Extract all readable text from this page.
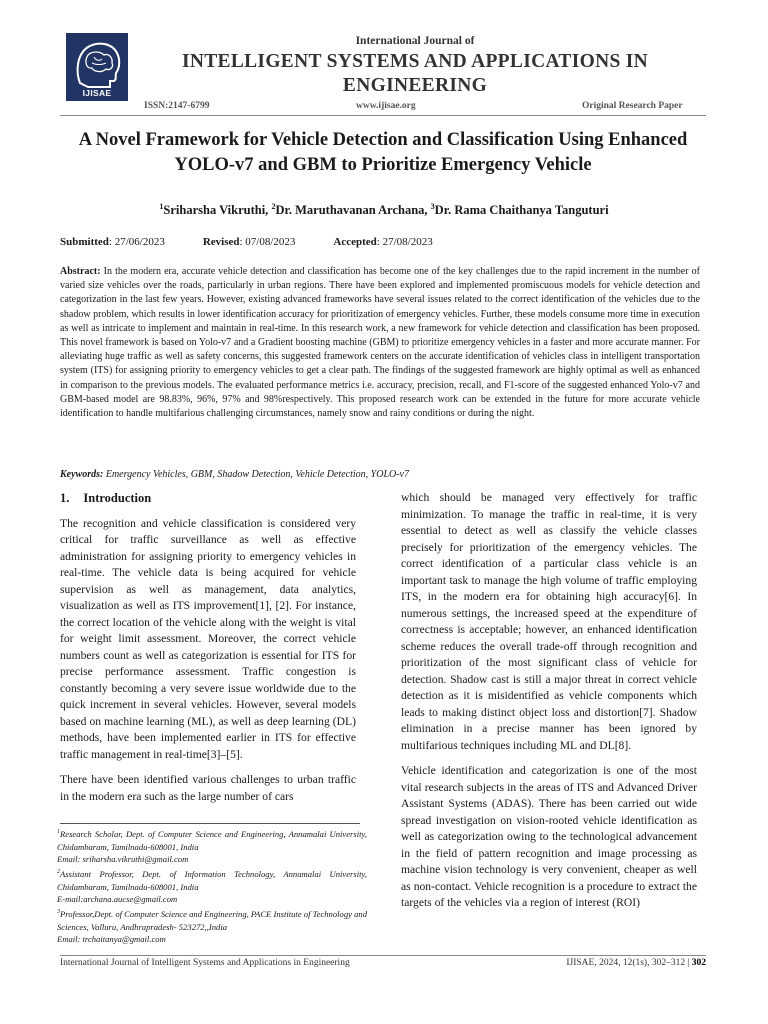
IJISAE
International Journal of
INTELLIGENT SYSTEMS AND APPLICATIONS IN ENGINEERING
ISSN:2147-6799	www.ijisae.org	Original Research Paper
A Novel Framework for Vehicle Detection and Classification Using Enhanced YOLO-v7 and GBM to Prioritize Emergency Vehicle
$^1$Sriharsha Vikruthi, $^2$Dr. Maruthavanan Archana, $^3$Dr. Rama Chaithanya Tanguturi
Submitted: 27/06/2023	Revised: 07/08/2023	Accepted: 27/08/2023
Abstract: In the modern era, accurate vehicle detection and classification has become one of the key challenges due to the rapid increment in the number of varied size vehicles over the roads, particularly in urban regions. There have been explored and implemented promiscuous models for vehicle detection and categorization in the last few years. However, existing advanced frameworks have several issues related to the correct identification of the vehicles due to the shadow problem, which results in lower identification accuracy for prioritization of emergency vehicles. Further, these models consume more time in execution as well as intricate to implement and maintain in real-time. In this research work, a new framework for vehicle detection and classification has been proposed. This novel framework is based on Yolo-v7 and a Gradient boosting machine (GBM) to prioritize emergency vehicles in a faster and more accurate manner. For alleviating huge traffic as well as safety concerns, this suggested framework centers on the accurate identification of vehicles class in intelligent transportation system (ITS) for assigning priority to emergency vehicles to get a clear path. The findings of the suggested framework are highly optimal as well as enhanced in comparison to the previous models. The evaluated performance metrics i.e. accuracy, precision, recall, and F1-score of the suggested enhanced Yolo-v7 and GBM-based model are 98.83%, 96%, 97% and 98%respectively. This proposed research work can be extended in the future for more accurate vehicle identification to handle multifarious challenging circumstances, namely snow and rainy conditions or during the night.
Keywords: Emergency Vehicles, GBM, Shadow Detection, Vehicle Detection, YOLO-v7
1. Introduction

The recognition and vehicle classification is considered very critical for traffic surveillance as well as effective administration for assigning priority to emergency vehicles in real-time. The vehicle data is being acquired for vehicle supervision as well as management, data analytics, visualization as well as ITS improvement[1], [2]. For instance, the correct location of the vehicle along with the weight is vital for weight limit assessment. Moreover, the correct vehicle numbers count as well as categorization is essential for ITS for precise performance assessment. Traffic congestion is constantly becoming a very severe issue worldwide due to the quick increment in several vehicles. However, several models based on machine learning (ML), as well as deep learning (DL) methods, have been implemented earlier in ITS for effective traffic management in real-time[3]–[5].

There have been identified various challenges to urban traffic in the modern era such as the large number of cars

which should be managed very effectively for traffic minimization. To manage the traffic in real-time, it is very essential to detect as well as classify the vehicle classes precisely for prioritization of the emergency vehicles. The correct identification of a particular class vehicle is an important task to manage the high volume of traffic employing ITS, in the modern era for obtaining high accuracy[6]. In numerous settings, the increased speed at the expenditure of correctness is acceptable; however, an enhanced identification scheme reduces the overall trade-off through recognition and prioritization of the most significant class of vehicle for detection. Shadow cast is still a major threat in correct vehicle detection as it is misidentified as vehicle components which leads to making distinct object loss and distortion[7]. Shadow elimination in a precise manner has been ignored by multifarious techniques including ML and DL[8].

Vehicle identification and categorization is one of the most vital research subjects in the areas of ITS and Advanced Driver Assistant Systems (ADAS). There has been carried out wide spread investigation on vision-rooted vehicle identification as well as categorization owing to the technological advancement in the field of pattern recognition and image processing as machine vision technology is very convenient, cheaper as well as non-contact. Vehicle recognition is a procedure to extract the targets of the vehicles via a region of interest (ROI)

$^1$Research Scholar, Dept. of Computer Science and Engineering, Annamalai University, Chidambaram, Tamilnadu-608001, India

Email: sriharsha.vikruthi@gmail.com

$^2$Assistant Professor, Dept. of Information Technology, Annamalai University, Chidambaram, Tamilnadu-608001, India

E-mail:archana.aucse@gmail.com

$^3$Professor,Dept. of Computer Science and Engineering, PACE Institute of Technology and Sciences, Valluru, Andhrapradesh- 523272,,India

Email: trchaitanya@gmail.com

International Journal of Intelligent Systems and Applications in Engineering	IJISAE, 2024, 12(1s), 302–312 | 302
